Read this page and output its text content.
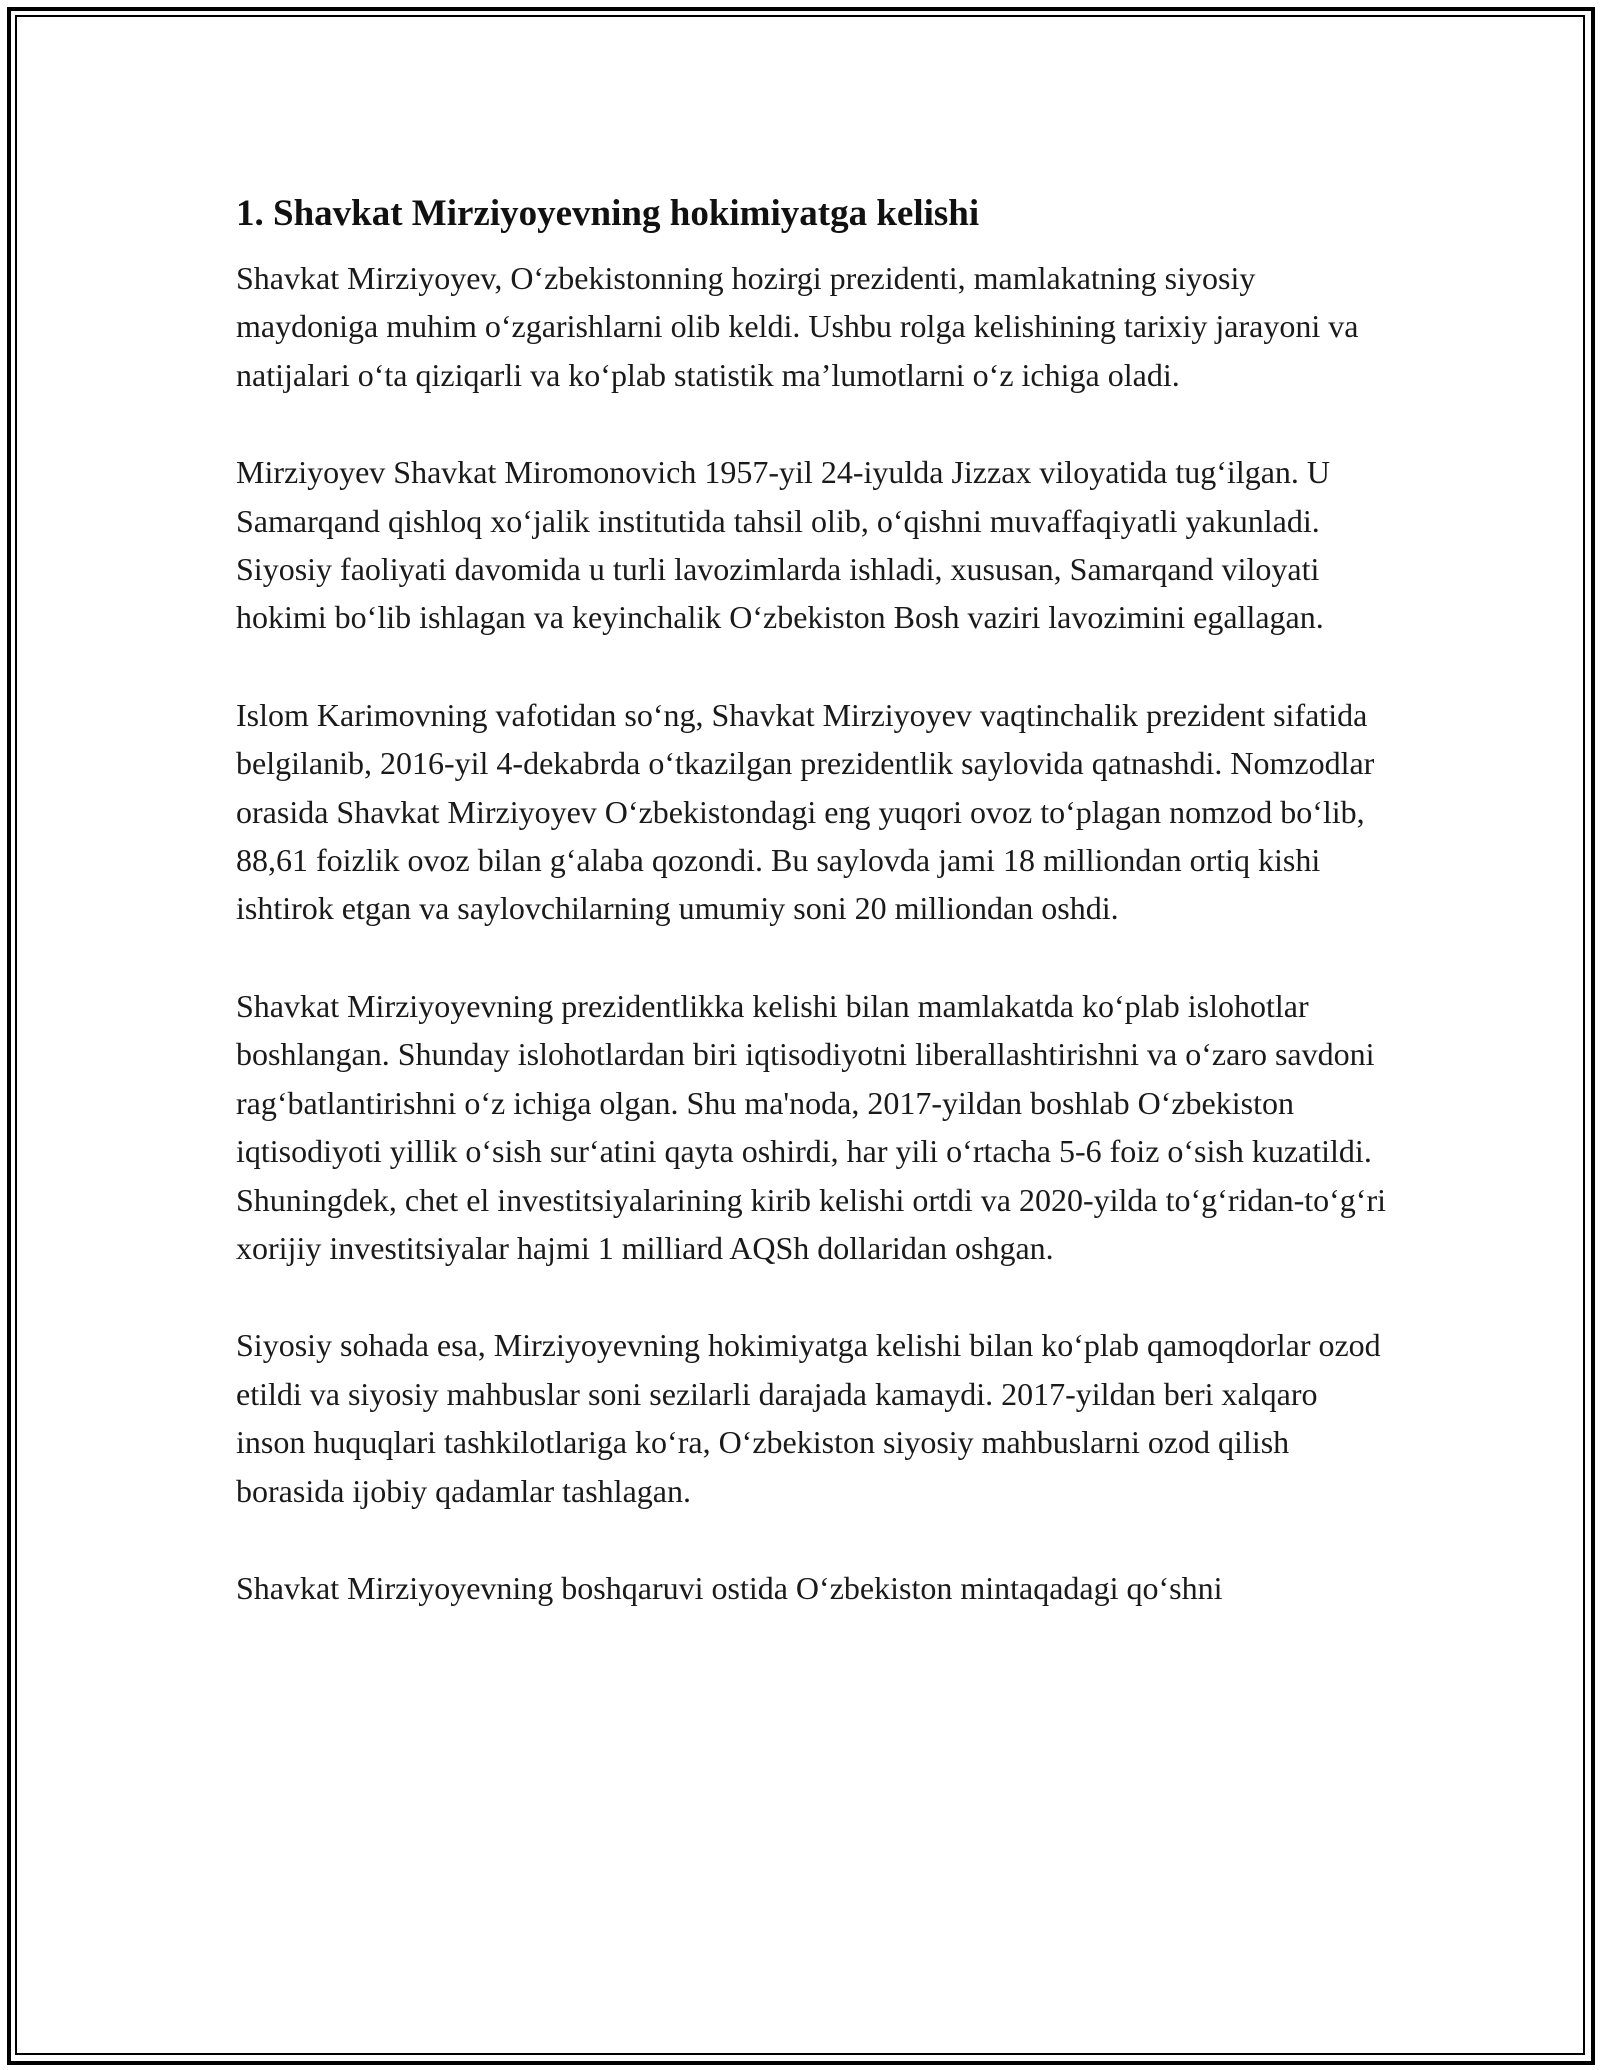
1. Shavkat Mirziyoyevning hokimiyatga kelishi

Shavkat Mirziyoyev, O‘zbekistonning hozirgi prezidenti, mamlakatning siyosiy maydoniga muhim o‘zgarishlarni olib keldi. Ushbu rolga kelishining tarixiy jarayoni va natijalari o‘ta qiziqarli va ko‘plab statistik ma’lumotlarni o‘z ichiga oladi.

Mirziyoyev Shavkat Miromonovich 1957-yil 24-iyulda Jizzax viloyatida tug‘ilgan. U Samarqand qishloq xo‘jalik institutida tahsil olib, o‘qishni muvaffaqiyatli yakunladi. Siyosiy faoliyati davomida u turli lavozimlarda ishladi, xususan, Samarqand viloyati hokimi bo‘lib ishlagan va keyinchalik O‘zbekiston Bosh vaziri lavozimini egallagan.

Islom Karimovning vafotidan so‘ng, Shavkat Mirziyoyev vaqtinchalik prezident sifatida belgilanib, 2016-yil 4-dekabrda o‘tkazilgan prezidentlik saylovida qatnashdi. Nomzodlar orasida Shavkat Mirziyoyev O‘zbekistondagi eng yuqori ovoz to‘plagan nomzod bo‘lib, 88,61 foizlik ovoz bilan g‘alaba qozondi. Bu saylovda jami 18 milliondan ortiq kishi ishtirok etgan va saylovchilarning umumiy soni 20 milliondan oshdi.

Shavkat Mirziyoyevning prezidentlikka kelishi bilan mamlakatda ko‘plab islohotlar boshlangan. Shunday islohotlardan biri iqtisodiyotni liberallashtirishni va o‘zaro savdoni rag‘batlantirishni o‘z ichiga olgan. Shu ma'noda, 2017-yildan boshlab O‘zbekiston iqtisodiyoti yillik o‘sish sur‘atini qayta oshirdi, har yili o‘rtacha 5-6 foiz o‘sish kuzatildi. Shuningdek, chet el investitsiyalarining kirib kelishi ortdi va 2020-yilda to‘g‘ridan-to‘g‘ri xorijiy investitsiyalar hajmi 1 milliard AQSh dollaridan oshgan.

Siyosiy sohada esa, Mirziyoyevning hokimiyatga kelishi bilan ko‘plab qamoqdorlar ozod etildi va siyosiy mahbuslar soni sezilarli darajada kamaydi. 2017-yildan beri xalqaro inson huquqlari tashkilotlariga ko‘ra, O‘zbekiston siyosiy mahbuslarni ozod qilish borasida ijobiy qadamlar tashlagan.

Shavkat Mirziyoyevning boshqaruvi ostida O‘zbekiston mintaqadagi qo‘shni
